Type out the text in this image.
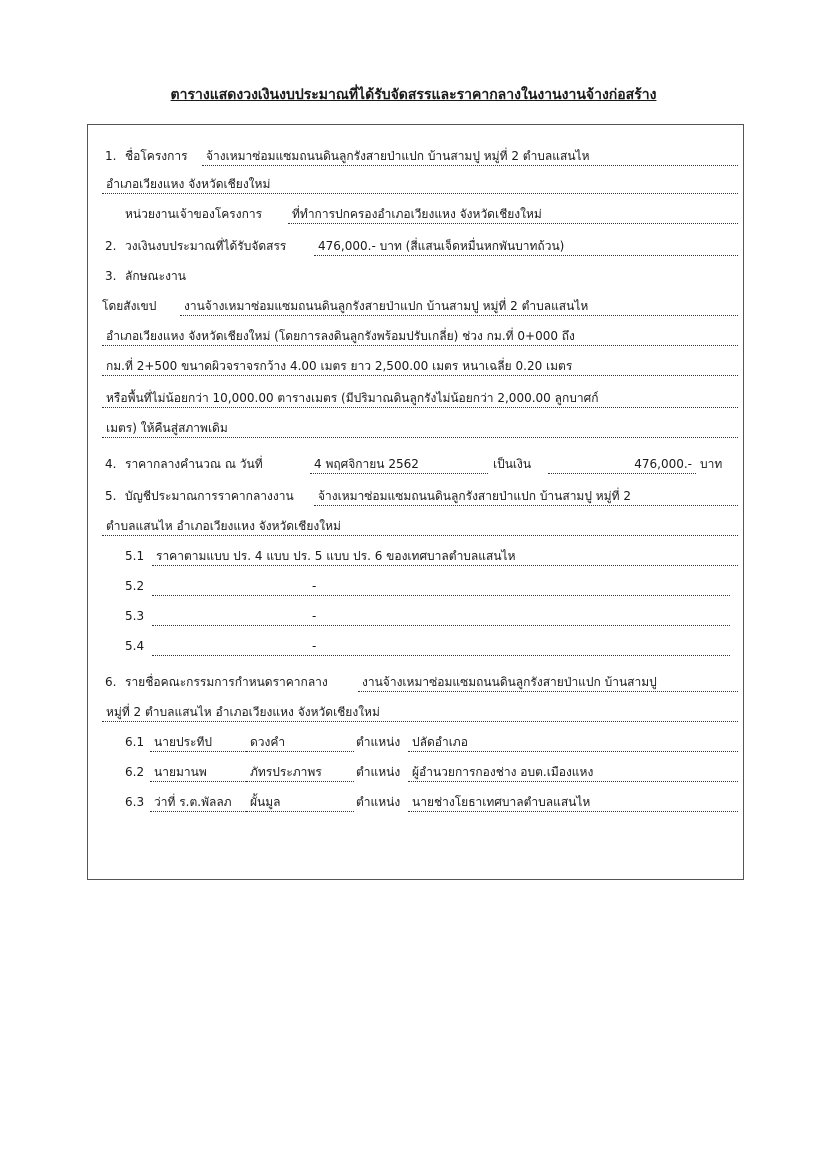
ตารางแสดงวงเงินงบประมาณที่ได้รับจัดสรรและราคากลางในงานงานจ้างก่อสร้าง
1. ชื่อโครงการ	จ้างเหมาซ่อมแซมถนนดินลูกรังสายป่าแปก บ้านสามปู หมู่ที่ 2 ตำบลแสนไห
อำเภอเวียงแหง จังหวัดเชียงใหม่
หน่วยงานเจ้าของโครงการ	ที่ทำการปกครองอำเภอเวียงแหง จังหวัดเชียงใหม่
2. วงเงินงบประมาณที่ได้รับจัดสรร	476,000.- บาท (สี่แสนเจ็ดหมื่นหกพันบาทถ้วน)
3. ลักษณะงาน
โดยสังเขป	งานจ้างเหมาซ่อมแซมถนนดินลูกรังสายป่าแปก บ้านสามปู หมู่ที่ 2 ตำบลแสนไห
อำเภอเวียงแหง จังหวัดเชียงใหม่ (โดยการลงดินลูกรังพร้อมปรับเกลี่ย) ช่วง กม.ที่ 0+000 ถึง
กม.ที่ 2+500 ขนาดผิวจราจรกว้าง 4.00 เมตร ยาว 2,500.00 เมตร หนาเฉลี่ย 0.20 เมตร
หรือพื้นที่ไม่น้อยกว่า 10,000.00 ตารางเมตร (มีปริมาณดินลูกรังไม่น้อยกว่า 2,000.00 ลูกบาศก์
เมตร) ให้คืนสู่สภาพเดิม
4. ราคากลางคำนวณ ณ วันที่	4 พฤศจิกายน 2562	เป็นเงิน	476,000.- บาท
5. บัญชีประมาณการราคากลางงาน	จ้างเหมาซ่อมแซมถนนดินลูกรังสายป่าแปก บ้านสามปู หมู่ที่ 2
ตำบลแสนไห อำเภอเวียงแหง จังหวัดเชียงใหม่
5.1 ราคาตามแบบ ปร. 4 แบบ ปร. 5 แบบ ปร. 6 ของเทศบาลตำบลแสนไห
5.2	-
5.3	-
5.4	-
6. รายชื่อคณะกรรมการกำหนดราคากลาง	งานจ้างเหมาซ่อมแซมถนนดินลูกรังสายป่าแปก บ้านสามปู
หมู่ที่ 2 ตำบลแสนไห อำเภอเวียงแหง จังหวัดเชียงใหม่
6.1 นายประทีป	ดวงคำ	ตำแหน่ง ปลัดอำเภอ
6.2 นายมานพ	ภัทรประภาพร	ตำแหน่ง ผู้อำนวยการกองช่าง อบต.เมืองแหง
6.3 ว่าที่ ร.ต.พัลลภ	ผั้นมูล	ตำแหน่ง นายช่างโยธาเทศบาลตำบลแสนไห
